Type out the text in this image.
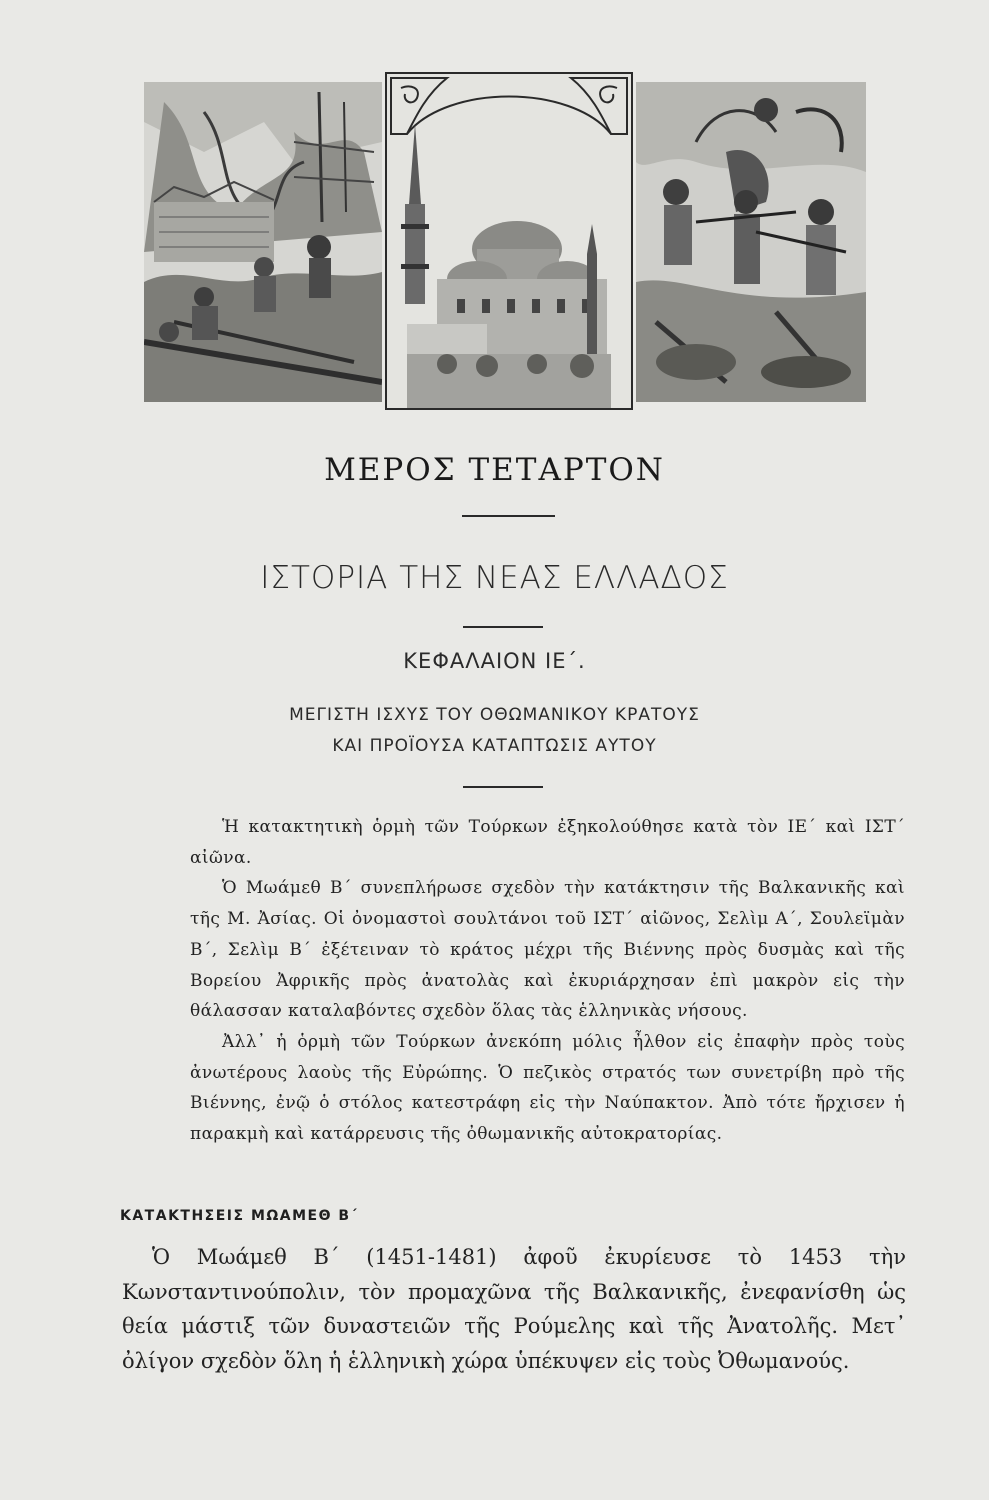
ΜΕΡΟΣ ΤΕΤΑΡΤΟΝ
ΙΣΤΟΡΙΑ ΤΗΣ ΝΕΑΣ ΕΛΛΑΔΟΣ
ΚΕΦΑΛΑΙΟΝ ΙΕ΄.
ΜΕΓΙΣΤΗ ΙΣΧΥΣ ΤΟΥ ΟΘΩΜΑΝΙΚΟΥ ΚΡΑΤΟΥΣ
ΚΑΙ ΠΡΟΪΟΥΣΑ ΚΑΤΑΠΤΩΣΙΣ ΑΥΤΟΥ

Ἡ κατακτητικὴ ὁρμὴ τῶν Τούρκων ἐξηκολούθησε κατὰ τὸν ΙΕ΄ καὶ ΙΣΤ΄ αἰῶνα.

Ὁ Μωάμεθ Β΄ συνεπλήρωσε σχεδὸν τὴν κατάκτησιν τῆς Βαλκανικῆς καὶ τῆς Μ. Ἀσίας. Οἱ ὀνομαστοὶ σουλτάνοι τοῦ ΙΣΤ΄ αἰῶνος, Σελὶμ Α΄, Σουλεϊμὰν Β΄, Σελὶμ Β΄ ἐξέτειναν τὸ κράτος μέχρι τῆς Βιέννης πρὸς δυσμὰς καὶ τῆς Βορείου Ἀφρικῆς πρὸς ἀνατολὰς καὶ ἐκυριάρχησαν ἐπὶ μακρὸν εἰς τὴν θάλασσαν καταλαβόντες σχεδὸν ὅλας τὰς ἑλληνικὰς νήσους.

Ἀλλ᾽ ἡ ὁρμὴ τῶν Τούρκων ἀνεκόπη μόλις ἦλθον εἰς ἐπαφὴν πρὸς τοὺς ἀνωτέρους λαοὺς τῆς Εὐρώπης. Ὁ πεζικὸς στρατός των συνετρίβη πρὸ τῆς Βιέννης, ἐνῷ ὁ στόλος κατεστράφη εἰς τὴν Ναύπακτον. Ἀπὸ τότε ἤρχισεν ἡ παρακμὴ καὶ κατάρρευσις τῆς ὀθωμανικῆς αὐτοκρατορίας.

ΚΑΤΑΚΤΗΣΕΙΣ ΜΩΑΜΕΘ Β΄

Ὁ Μωάμεθ Β΄ (1451-1481) ἀφοῦ ἐκυρίευσε τὸ 1453 τὴν Κωνσταντινούπολιν, τὸν προμαχῶνα τῆς Βαλκανικῆς, ἐνεφανίσθη ὡς θεία μάστιξ τῶν δυναστειῶν τῆς Ρούμελης καὶ τῆς Ἀνατολῆς. Μετ᾽ ὀλίγον σχεδὸν ὅλη ἡ ἑλληνικὴ χώρα ὑπέκυψεν εἰς τοὺς Ὀθωμανούς.
